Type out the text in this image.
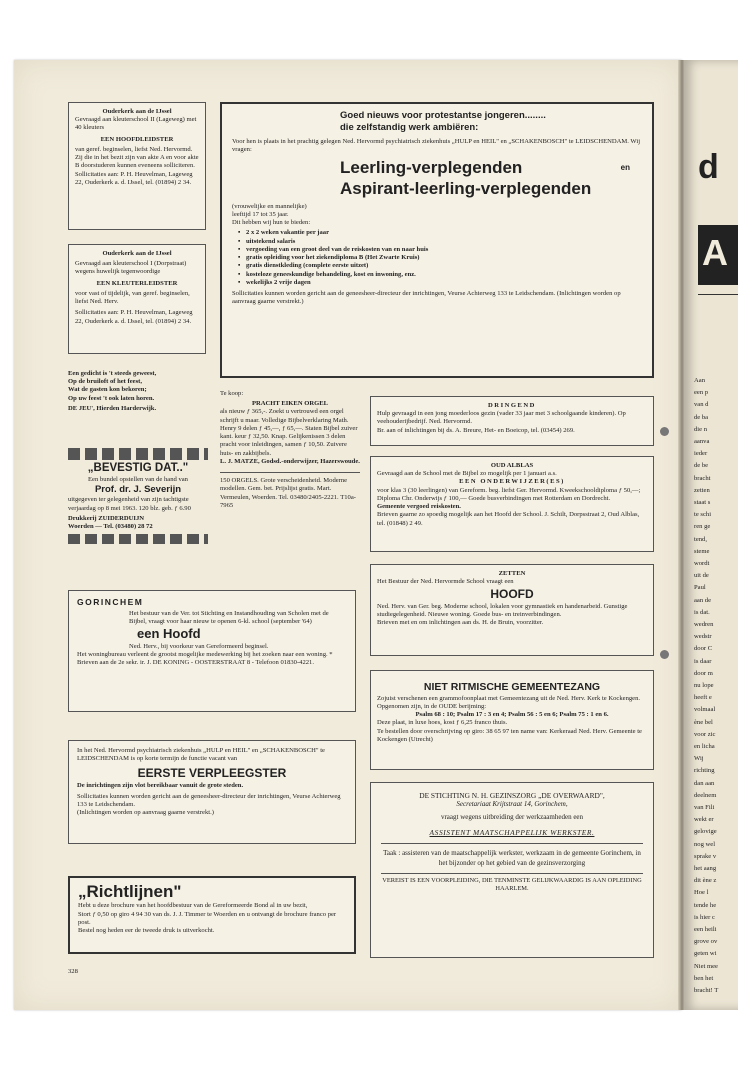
d
A
Aan
een p
van d
de ba
die n
aanva
ieder
de be
bracht
zetten
staat s
te schi
ren ge
tend,
steme
wordt
uit de
Paul
aan de
is dat.
wedren
wedstr
door C
is daar
door m
nu lope
heeft e
volmaal
ène bel
voor zic
en licha
Wij
richting
dan aan
deelnem
van Fili
wekt er
gelovige
nog wel
sprake v
het aang
dit ène z
Hoe l
tende he
is hier c
een heili
grove ov
geten wi
Niet mee
ben het
bracht! T
Ouderkerk aan de IJssel
Gevraagd aan kleuterschool II (Lageweg) met 40 kleuters
EEN HOOFDLEIDSTER
van geref. beginselen, liefst Ned. Hervormd.
Zij die in het bezit zijn van akte A en voor akte B doorstuderen kunnen eveneens solliciteren.
Sollicitaties aan: P. H. Heuvelman, Lageweg 22, Ouderkerk a. d. IJssel, tel. (01894) 2 34.
Ouderkerk aan de IJssel
Gevraagd aan kleuterschool I (Dorpstraat) wegens huwelijk tegenwoordige
EEN KLEUTERLEIDSTER
voor vast of tijdelijk, van geref. beginselen, liefst Ned. Herv.
Sollicitaties aan: P. H. Heuvelman, Lageweg 22, Ouderkerk a. d. IJssel, tel. (01894) 2 34.
Een gedicht is 't steeds geweest,
Op de bruiloft of het feest,
Wat de gasten kon bekoren;
Op uw feest 't ook laten horen.
DE JEU', Hierden Harderwijk.
„BEVESTIG DAT.."
Een bundel opstellen van de hand van
Prof. dr. J. Severijn
uitgegeven ter gelegenheid van zijn tachtigste verjaardag op 8 mei 1963. 120 blz. geb. ƒ 6.90
Drukkerij ZUIDERDUIJN
Woerden — Tel. (03480) 28 72
Goed nieuws voor protestantse jongeren........
die zelfstandig werk ambiëren:
Voor hen is plaats in het prachtig gelegen Ned. Hervormd psychiatrisch ziekenhuis „HULP en HEIL" en „SCHAKENBOSCH" te LEIDSCHENDAM. Wij vragen:
Leerling-verplegenden	en
Aspirant-leerling-verplegenden
(vrouwelijke en mannelijke)
leeftijd 17 tot 35 jaar.
Dit hebben wij hun te bieden:
▪ 2 x 2 weken vakantie per jaar
▪ uitstekend salaris
▪ vergoeding van een groot deel van de reiskosten van en naar huis
▪ gratis opleiding voor het ziekendiploma B (Het Zwarte Kruis)
▪ gratis dienstkleding (complete eerste uitzet)
▪ kosteloze geneeskundige behandeling, kost en inwoning, enz.
▪ wekelijks 2 vrije dagen
Sollicitaties kunnen worden gericht aan de geneesheer-directeur der inrichtingen, Veurse Achterweg 133 te Leidschendam. (Inlichtingen worden op aanvraag gaarne verstrekt.)
Te koop:
PRACHT EIKEN ORGEL
als nieuw ƒ 365,-. Zoekt u vertrouwd een orgel schrijft u maar. Volledige Bijbelverklaring Math. Henry 9 delen ƒ 45,—, ƒ 65,—. Staten Bijbel zuiver kant. keur ƒ 32,50. Knap. Gelijkenissen 3 delen pracht voor inleidingen, samen ƒ 10,50. Zuivere huis- en zakbijbels.
L. J. MATZE, Godsd.-onderwijzer, Hazerswoude.
150 ORGELS. Grote verscheidenheid. Moderne modellen. Gem. bet. Prijslijst gratis. Mart. Vermeulen, Woerden. Tel. 03480/2405-2221. T10a-7965
DRINGEND
Hulp gevraagd in een jong moederloos gezin (vader 33 jaar met 3 schoolgaande kinderen). Op veehouderijbedrijf. Ned. Hervormd.
Br. aan of inlichtingen bij ds. A. Breure, Het- en Boeicop, tel. (03454) 269.
OUD ALBLAS
Gevraagd aan de School met de Bijbel zo mogelijk per 1 januari a.s.
EEN ONDERWIJZER(ES)
voor klas 3 (30 leerlingen) van Gereform. beg. liefst Ger. Hervormd. Kweekschooldiploma ƒ 50,—; Diploma Chr. Onderwijs ƒ 100,— Goede busverbindingen met Rotterdam en Dordrecht.
Gemeente vergoed reiskosten.
Brieven gaarne zo spoedig mogelijk aan het Hoofd der School. J. Schilt, Dorpsstraat 2, Oud Alblas, tel. (01848) 2 49.
ZETTEN
Het Bestuur der Ned. Hervormde School vraagt een
HOOFD
Ned. Herv. van Ger. beg. Moderne school, lokalen voor gymnastiek en handenarbeid. Gunstige studiegelegenheid. Nieuwe woning. Goede bus- en treinverbindingen.
Brieven met en om inlichtingen aan ds. H. de Bruin, voorzitter.
GORINCHEM
Het bestuur van de Ver. tot Stichting en Instandhouding van Scholen met de Bijbel, vraagt voor haar nieuw te openen 6-kl. school (september '64)
een Hoofd
Ned. Herv., bij voorkeur van Gereformeerd beginsel.
Het woningbureau verleent de grootst mogelijke medewerking bij het zoeken naar een woning. * Brieven aan de 2e sekr. ir. J. DE KONING - OOSTERSTRAAT 8 - Telefoon 01830-4221.
In het Ned. Hervormd psychiatrisch ziekenhuis „HULP en HEIL" en „SCHAKENBOSCH" te LEIDSCHENDAM is op korte termijn de functie vacant van
EERSTE VERPLEEGSTER
De inrichtingen zijn vlot bereikbaar vanuit de grote steden.
Sollicitaties kunnen worden gericht aan de geneesheer-directeur der inrichtingen, Veurse Achterweg 133 te Leidschendam.
(Inlichtingen worden op aanvraag gaarne verstrekt.)
NIET RITMISCHE GEMEENTEZANG
Zojuist verschenen een grammofoonplaat met Gemeentezang uit de Ned. Herv. Kerk te Kockengen. Opgenomen zijn, in de OUDE berijming:
Psalm 68 : 10; Psalm 17 : 3 en 4; Psalm 56 : 5 en 6; Psalm 75 : 1 en 6.
Deze plaat, in luxe hoes, kost ƒ 6,25 franco thuis.
Te bestellen door overschrijving op giro: 38 65 97 ten name van: Kerkeraad Ned. Herv. Gemeente te Kockengen (Utrecht)
„Richtlijnen"
Hebt u deze brochure van het hoofdbestuur van de Gereformeerde Bond al in uw bezit,
Stort ƒ 0,50 op giro 4 94 30 van ds. J. J. Timmer te Woerden en u ontvangt de brochure franco per post.
Bestel nog heden eer de tweede druk is uitverkocht.
DE STICHTING N. H. GEZINSZORG „DE OVERWAARD",
Secretariaat Krijtstraat 14, Gorinchem,
vraagt wegens uitbreiding der werkzaamheden een
ASSISTENT MAATSCHAPPELIJK WERKSTER.
Taak : assisteren van de maatschappelijk werkster, werkzaam in de gemeente Gorinchem, in het bijzonder op het gebied van de gezinsverzorging
VEREIST IS EEN VOORPLEIDING, DIE TENMINSTE GELIJKWAARDIG IS AAN OPLEIDING HAARLEM.
328
